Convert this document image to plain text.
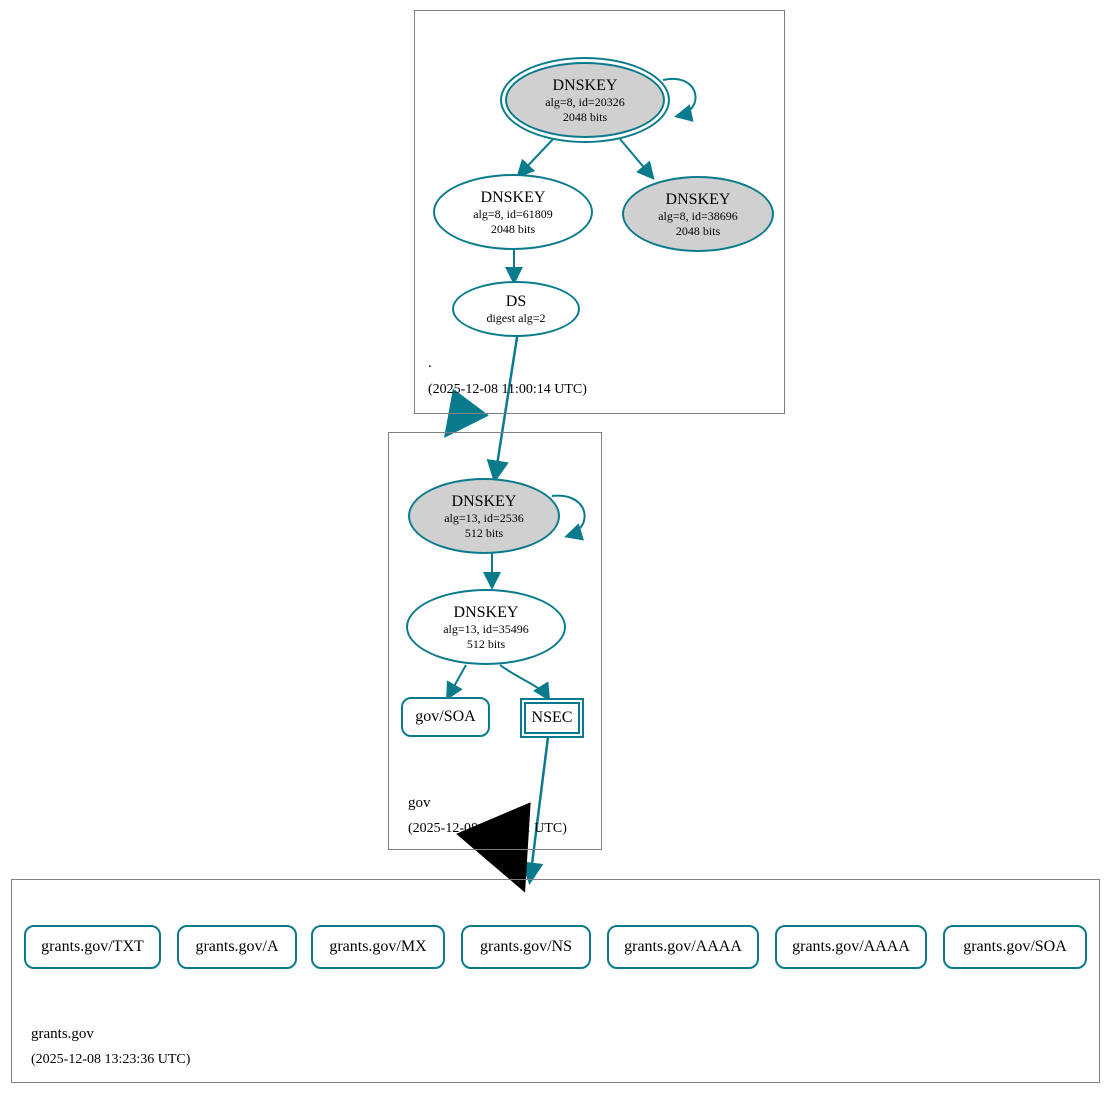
.
(2025-12-08 11:00:14 UTC)
DNSKEY
alg=8, id=20326
2048 bits
DNSKEY
alg=8, id=61809
2048 bits
DNSKEY
alg=8, id=38696
2048 bits
DS
digest alg=2
gov
(2025-12-08 12:11:31 UTC)
DNSKEY
alg=13, id=2536
512 bits
DNSKEY
alg=13, id=35496
512 bits
gov/SOA	NSEC
grants.gov
(2025-12-08 13:23:36 UTC)
grants.gov/TXT	grants.gov/A	grants.gov/MX	grants.gov/NS	grants.gov/AAAA	grants.gov/AAAA	grants.gov/SOA
